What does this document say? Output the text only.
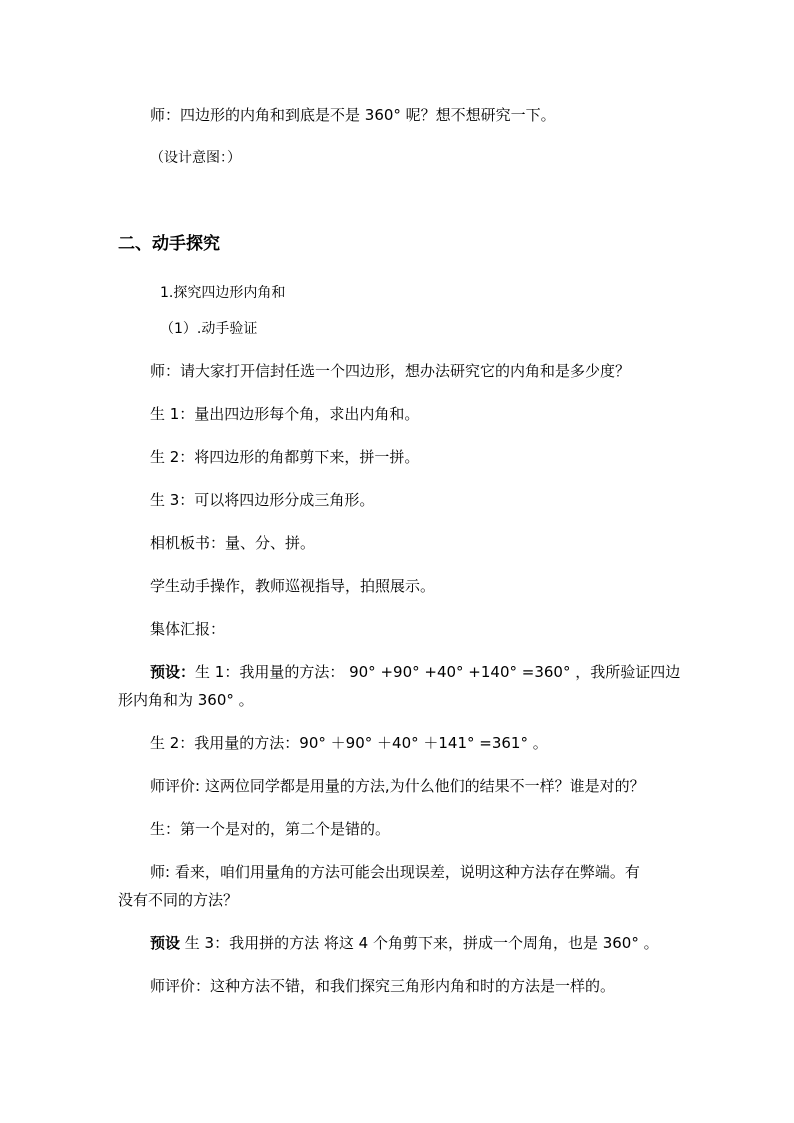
师：四边形的内角和到底是不是 360° 呢？想不想研究一下。
（设计意图：）
二、动手探究
1.探究四边形内角和
（1）.动手验证
师：请大家打开信封任选一个四边形，想办法研究它的内角和是多少度？
生 1：量出四边形每个角，求出内角和。
生 2：将四边形的角都剪下来，拼一拼。
生 3：可以将四边形分成三角形。
相机板书：量、分、拼。
学生动手操作，教师巡视指导，拍照展示。
集体汇报：
预设：生 1：我用量的方法： 90° +90° +40° +140° =360° ，我所验证四边
形内角和为 360° 。
生 2：我用量的方法：90° ＋90° ＋40° ＋141° =361° 。
师评价: 这两位同学都是用量的方法,为什么他们的结果不一样？谁是对的？
生：第一个是对的，第二个是错的。
师: 看来，咱们用量角的方法可能会出现误差，说明这种方法存在弊端。有
没有不同的方法？
预设 生 3：我用拼的方法 将这 4 个角剪下来，拼成一个周角，也是 360° 。
师评价：这种方法不错，和我们探究三角形内角和时的方法是一样的。
